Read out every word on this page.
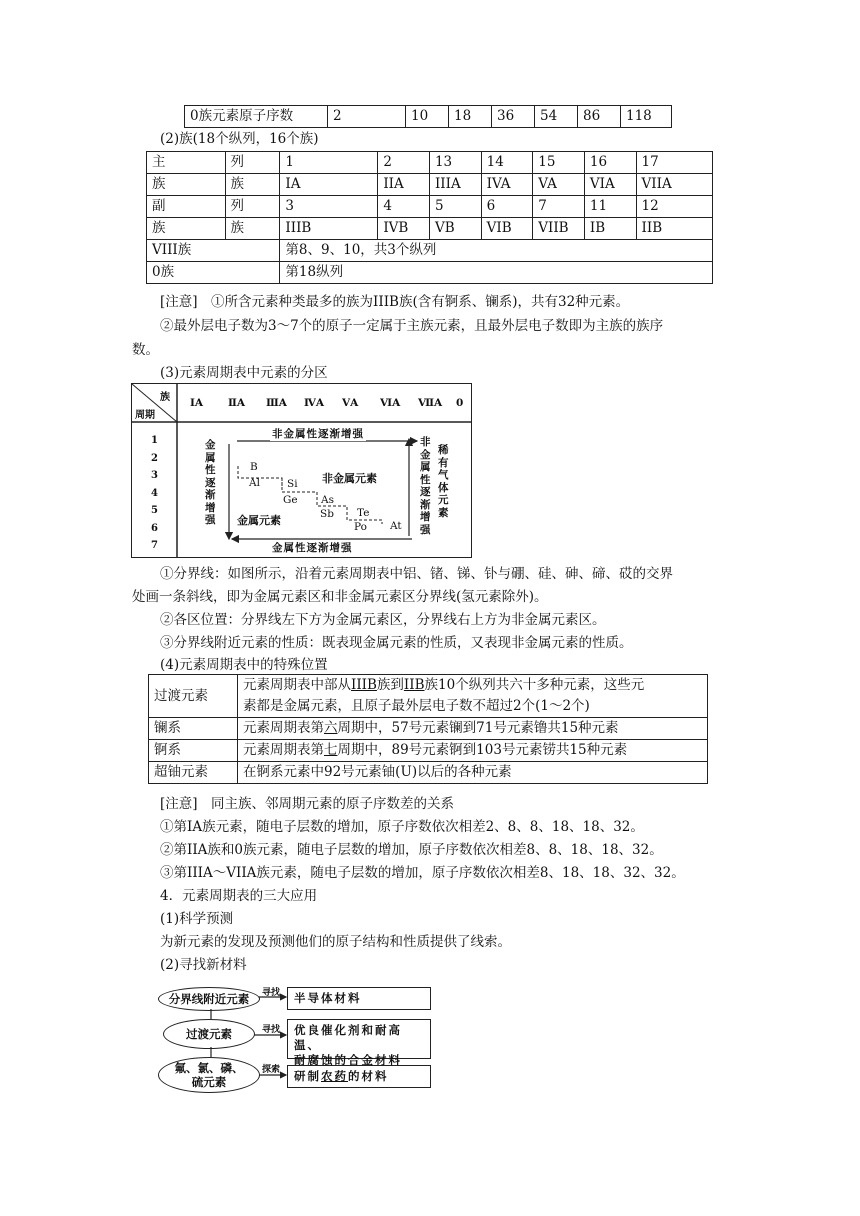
0族元素原子序数	2	10	18	36	54	86	118
(2)族(18个纵列，16个族)
主	列	1	2	13	14	15	16	17
族	族	IA	IIA	IIIA	IVA	VA	VIA	VIIA
副	列	3	4	5	6	7	11	12
族	族	IIIB	IVB	VB	VIB	VIIB	IB	IIB
VIII族		第8、9、10，共3个纵列						
0族		第18纵列						
[注意]　①所含元素种类最多的族为IIIB族(含有锕系、镧系)，共有32种元素。
②最外层电子数为3～7个的原子一定属于主族元素，且最外层电子数即为主族的族序
数。
(3)元素周期表中元素的分区
族
周期
ⅠA	ⅡA	ⅢA	ⅣA	ⅤA	ⅥA	ⅦA	0
1
2
3
4
5
6
7
非金属性逐渐增强
金属性逐渐增强
金属性逐渐增强
非金属性逐渐增强
稀有气体元素
非金属元素
金属元素
B
Al	Si
Ge As
Sb Te
Po At
①分界线：如图所示，沿着元素周期表中铝、锗、锑、钋与硼、硅、砷、碲、砹的交界
处画一条斜线，即为金属元素区和非金属元素区分界线(氢元素除外)。
②各区位置：分界线左下方为金属元素区，分界线右上方为非金属元素区。
③分界线附近元素的性质：既表现金属元素的性质，又表现非金属元素的性质。
(4)元素周期表中的特殊位置
过渡元素	元素周期表中部从IIIB族到IIB族10个纵列共六十多种元素，这些元
素都是金属元素，且原子最外层电子数不超过2个(1～2个)

镧系	元素周期表第六周期中，57号元素镧到71号元素镥共15种元素
锕系	元素周期表第七周期中，89号元素锕到103号元素铹共15种元素
超铀元素	在锕系元素中92号元素铀(U)以后的各种元素
[注意]　同主族、邻周期元素的原子序数差的关系
①第IA族元素，随电子层数的增加，原子序数依次相差2、8、8、18、18、32。
②第IIA族和0族元素，随电子层数的增加，原子序数依次相差8、8、18、18、32。
③第IIIA～VIIA族元素，随电子层数的增加，原子序数依次相差8、18、18、32、32。
4．元素周期表的三大应用
(1)科学预测
为新元素的发现及预测他们的原子结构和性质提供了线索。
(2)寻找新材料
分界线附近元素	寻找	半导体材料
过渡元素	寻找 优良催化剂和耐高温、
耐腐蚀的合金材料
氟、氯、磷、
硫元素
探索	研制农药的材料
